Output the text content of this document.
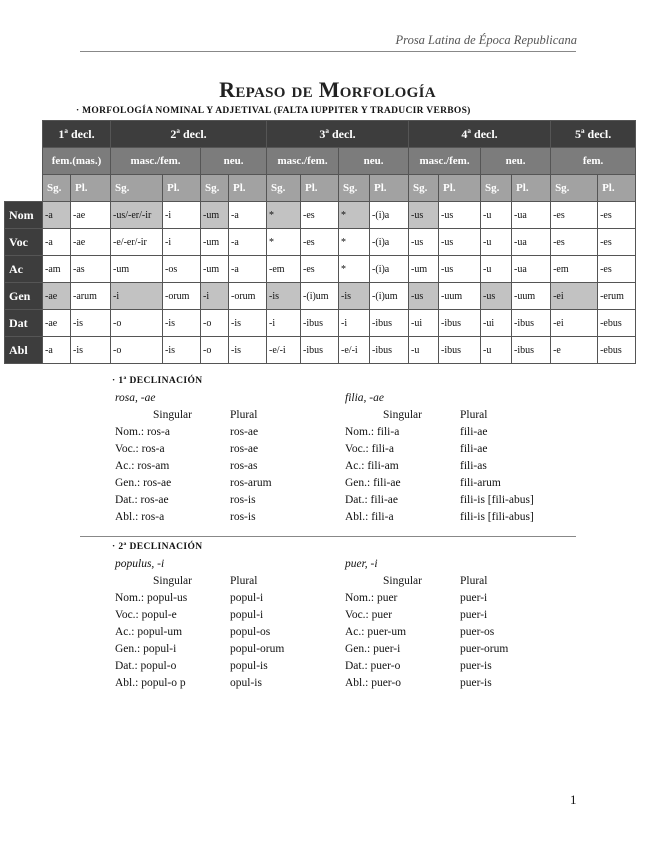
Prosa Latina de Época Republicana
Repaso de Morfología
· MORFOLOGÍA NOMINAL Y ADJETIVAL (FALTA IUPPITER Y TRADUCIR VERBOS)
	1ª decl.		2ª decl.				3ª decl.				4ª decl.				5ª decl.	
	fem.(mas.)		masc./fem.		neu.		masc./fem.		neu.		masc./fem.		neu.		fem.	
	Sg.	Pl.	Sg.	Pl.	Sg.	Pl.	Sg.	Pl.	Sg.	Pl.	Sg.	Pl.	Sg.	Pl.	Sg.	Pl.
Nom	-a	-ae	-us/-er/-ir	-i	-um	-a	*	-es	*	-(i)a	-us	-us	-u	-ua	-es	-es
Voc	-a	-ae	-e/-er/-ir	-i	-um	-a	*	-es	*	-(i)a	-us	-us	-u	-ua	-es	-es
Ac	-am	-as	-um	-os	-um	-a	-em	-es	*	-(i)a	-um	-us	-u	-ua	-em	-es
Gen	-ae	-arum	-i	-orum	-i	-orum	-is	-(i)um	-is	-(i)um	-us	-uum	-us	-uum	-ei	-erum
Dat	-ae	-is	-o	-is	-o	-is	-i	-ibus	-i	-ibus	-ui	-ibus	-ui	-ibus	-ei	-ebus
Abl	-a	-is	-o	-is	-o	-is	-e/-i	-ibus	-e/-i	-ibus	-u	-ibus	-u	-ibus	-e	-ebus
· 1ª DECLINACIÓN
rosa, -ae
Singular	Plural
Nom.: ros-a	ros-ae
Voc.: ros-a	ros-ae
Ac.: ros-am	ros-as
Gen.: ros-ae	ros-arum
Dat.: ros-ae	ros-is
Abl.: ros-a	ros-is
filia, -ae
Singular	Plural
Nom.: fili-a	fili-ae
Voc.: fili-a	fili-ae
Ac.: fili-am	fili-as
Gen.: fili-ae	fili-arum
Dat.: fili-ae	fili-is [fili-abus]
Abl.: fili-a	fili-is [fili-abus]
· 2ª DECLINACIÓN
populus, -i
Singular	Plural
Nom.: popul-us	popul-i
Voc.: popul-e	popul-i
Ac.: popul-um	popul-os
Gen.: popul-i	popul-orum
Dat.: popul-o	popul-is
Abl.: popul-o p	opul-is
puer, -i
Singular	Plural
Nom.: puer	puer-i
Voc.: puer	puer-i
Ac.: puer-um	puer-os
Gen.: puer-i	puer-orum
Dat.: puer-o	puer-is
Abl.: puer-o	puer-is
1
